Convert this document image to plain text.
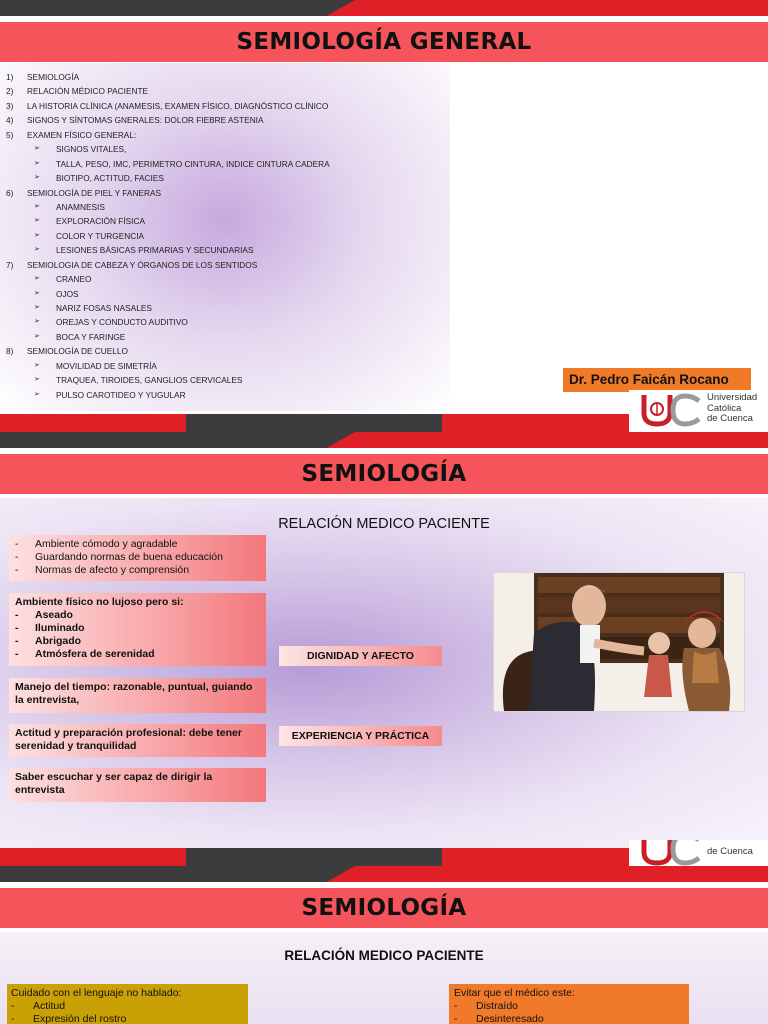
SEMIOLOGÍA GENERAL
1) SEMIOLOGÍA
2) RELACIÓN MÉDICO PACIENTE
3) LA HISTORIA CLÍNICA (ANAMESIS, EXAMEN FÍSICO, DIAGNÓSTICO CLÍNICO
4) SIGNOS Y SÍNTOMAS GNERALES: DOLOR FIEBRE ASTENIA
5) EXAMEN FÍSICO GENERAL:
➢ SIGNOS VITALES,
➢ TALLA, PESO, IMC, PERIMETRO CINTURA, INDICE CINTURA CADERA
➢ BIOTIPO, ACTITUD, FACIES
6) SEMIOLOGÍA DE PIEL Y FANERAS
➢ ANAMNESIS
➢ EXPLORACIÓN FÍSICA
➢ COLOR Y TURGENCIA
➢ LESIONES BÁSICAS PRIMARIAS Y SECUNDARIAS
7) SEMIOLOGIA DE CABEZA Y ÓRGANOS DE LOS SENTIDOS
➢ CRANEO
➢ OJOS
➢ NARIZ FOSAS NASALES
➢ OREJAS Y CONDUCTO AUDITIVO
➢ BOCA Y FARINGE
8) SEMIOLOGÍA DE CUELLO
➢ MOVILIDAD DE SIMETRÍA
➢ TRAQUEA, TIROIDES, GANGLIOS CERVICALES
➢ PULSO CAROTIDEO Y YUGULAR
Dr. Pedro Faicán Rocano
Universidad
Católica
de Cuenca
SEMIOLOGÍA
RELACIÓN MEDICO PACIENTE
- Ambiente cómodo y agradable
- Guardando normas de buena educación
- Normas de afecto y comprensión
Ambiente físico no lujoso pero si:
- Aseado
- Iluminado
- Abrigado
- Atmósfera de serenidad
Manejo del tiempo: razonable, puntual, guiando la entrevista,
Actitud y preparación profesional: debe tener serenidad y tranquilidad
Saber escuchar y ser capaz de dirigir la entrevista
DIGNIDAD Y AFECTO
EXPERIENCIA Y PRÁCTICA
de Cuenca
SEMIOLOGÍA
RELACIÓN MEDICO PACIENTE
Cuidado con el lenguaje no hablado:
- Actitud
- Expresión del rostro
Evitar que el médico este:
- Distraído
- Desinteresado
